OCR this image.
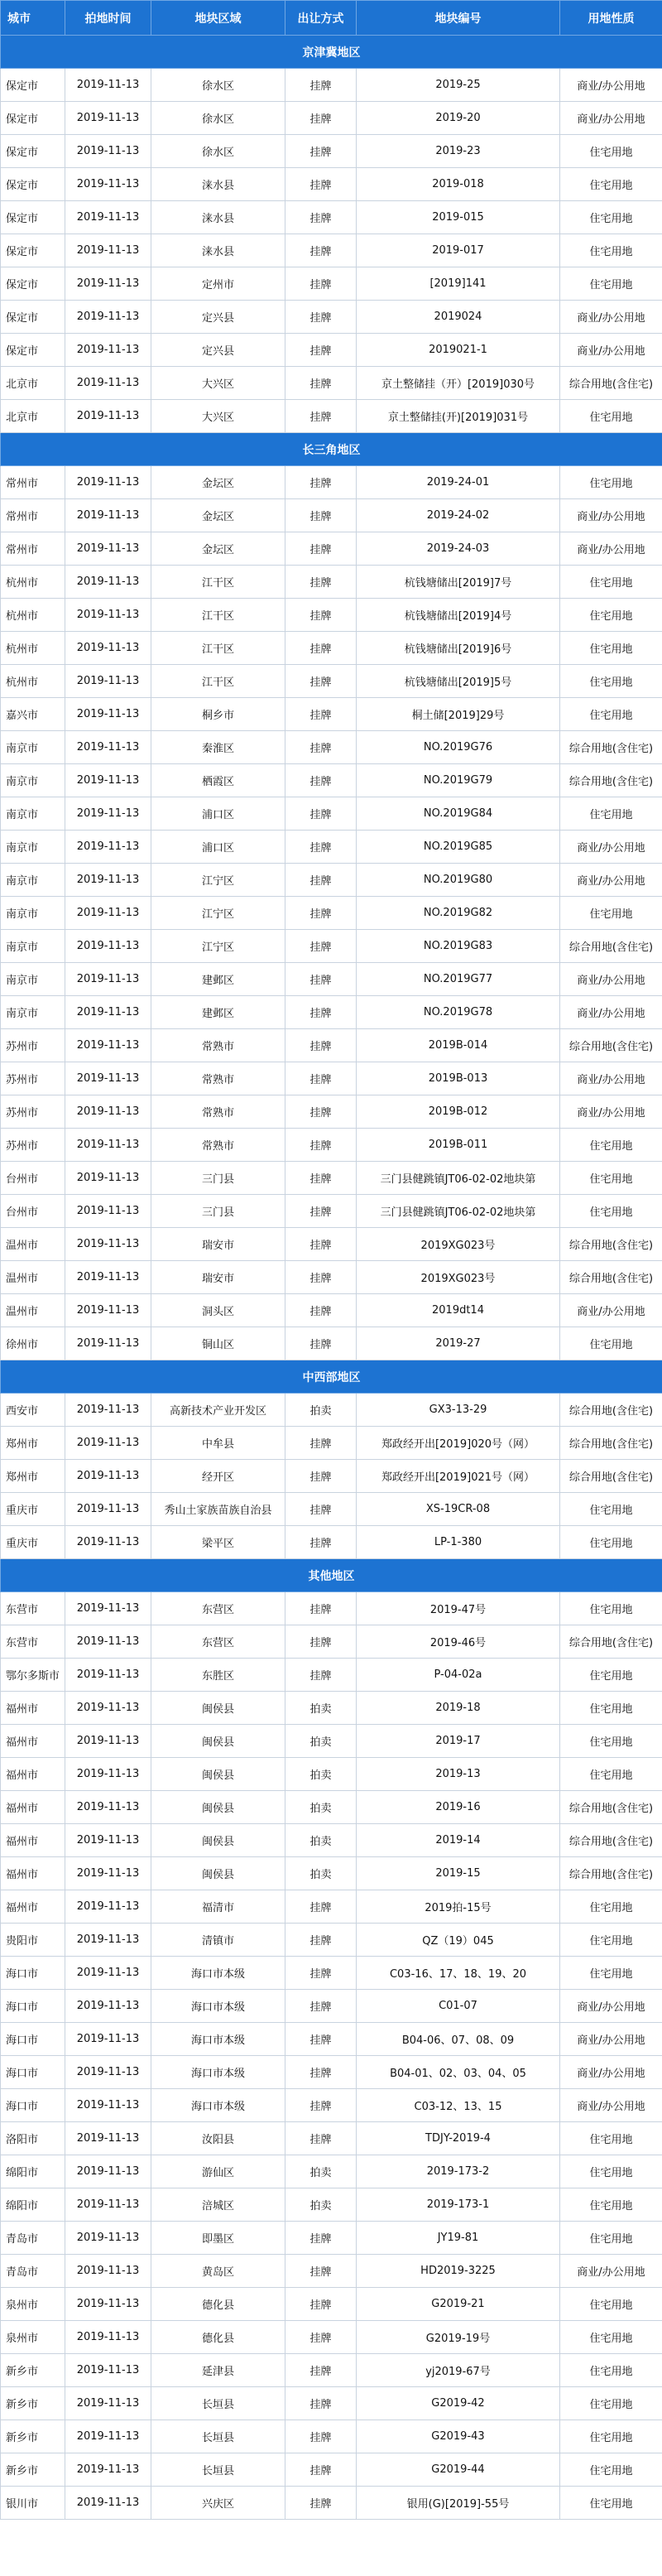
城市	拍地时间	地块区域	出让方式	地块编号	用地性质
京津冀地区					
保定市	2019-11-13	徐水区	挂牌	2019-25	商业/办公用地
保定市	2019-11-13	徐水区	挂牌	2019-20	商业/办公用地
保定市	2019-11-13	徐水区	挂牌	2019-23	住宅用地
保定市	2019-11-13	涞水县	挂牌	2019-018	住宅用地
保定市	2019-11-13	涞水县	挂牌	2019-015	住宅用地
保定市	2019-11-13	涞水县	挂牌	2019-017	住宅用地
保定市	2019-11-13	定州市	挂牌	[2019]141	住宅用地
保定市	2019-11-13	定兴县	挂牌	2019024	商业/办公用地
保定市	2019-11-13	定兴县	挂牌	2019021-1	商业/办公用地
北京市	2019-11-13	大兴区	挂牌	京土整储挂（开）[2019]030号	综合用地(含住宅)
北京市	2019-11-13	大兴区	挂牌	京土整储挂(开)[2019]031号	住宅用地
长三角地区					
常州市	2019-11-13	金坛区	挂牌	2019-24-01	住宅用地
常州市	2019-11-13	金坛区	挂牌	2019-24-02	商业/办公用地
常州市	2019-11-13	金坛区	挂牌	2019-24-03	商业/办公用地
杭州市	2019-11-13	江干区	挂牌	杭钱塘储出[2019]7号	住宅用地
杭州市	2019-11-13	江干区	挂牌	杭钱塘储出[2019]4号	住宅用地
杭州市	2019-11-13	江干区	挂牌	杭钱塘储出[2019]6号	住宅用地
杭州市	2019-11-13	江干区	挂牌	杭钱塘储出[2019]5号	住宅用地
嘉兴市	2019-11-13	桐乡市	挂牌	桐土储[2019]29号	住宅用地
南京市	2019-11-13	秦淮区	挂牌	NO.2019G76	综合用地(含住宅)
南京市	2019-11-13	栖霞区	挂牌	NO.2019G79	综合用地(含住宅)
南京市	2019-11-13	浦口区	挂牌	NO.2019G84	住宅用地
南京市	2019-11-13	浦口区	挂牌	NO.2019G85	商业/办公用地
南京市	2019-11-13	江宁区	挂牌	NO.2019G80	商业/办公用地
南京市	2019-11-13	江宁区	挂牌	NO.2019G82	住宅用地
南京市	2019-11-13	江宁区	挂牌	NO.2019G83	综合用地(含住宅)
南京市	2019-11-13	建邺区	挂牌	NO.2019G77	商业/办公用地
南京市	2019-11-13	建邺区	挂牌	NO.2019G78	商业/办公用地
苏州市	2019-11-13	常熟市	挂牌	2019B-014	综合用地(含住宅)
苏州市	2019-11-13	常熟市	挂牌	2019B-013	商业/办公用地
苏州市	2019-11-13	常熟市	挂牌	2019B-012	商业/办公用地
苏州市	2019-11-13	常熟市	挂牌	2019B-011	住宅用地
台州市	2019-11-13	三门县	挂牌	三门县健跳镇JT06-02-02地块第	住宅用地
台州市	2019-11-13	三门县	挂牌	三门县健跳镇JT06-02-02地块第	住宅用地
温州市	2019-11-13	瑞安市	挂牌	2019XG023号	综合用地(含住宅)
温州市	2019-11-13	瑞安市	挂牌	2019XG023号	综合用地(含住宅)
温州市	2019-11-13	洞头区	挂牌	2019dt14	商业/办公用地
徐州市	2019-11-13	铜山区	挂牌	2019-27	住宅用地
中西部地区					
西安市	2019-11-13	高新技术产业开发区	拍卖	GX3-13-29	综合用地(含住宅)
郑州市	2019-11-13	中牟县	挂牌	郑政经开出[2019]020号（网）	综合用地(含住宅)
郑州市	2019-11-13	经开区	挂牌	郑政经开出[2019]021号（网）	综合用地(含住宅)
重庆市	2019-11-13	秀山土家族苗族自治县	挂牌	XS-19CR-08	住宅用地
重庆市	2019-11-13	梁平区	挂牌	LP-1-380	住宅用地
其他地区					
东营市	2019-11-13	东营区	挂牌	2019-47号	住宅用地
东营市	2019-11-13	东营区	挂牌	2019-46号	综合用地(含住宅)
鄂尔多斯市	2019-11-13	东胜区	挂牌	P-04-02a	住宅用地
福州市	2019-11-13	闽侯县	拍卖	2019-18	住宅用地
福州市	2019-11-13	闽侯县	拍卖	2019-17	住宅用地
福州市	2019-11-13	闽侯县	拍卖	2019-13	住宅用地
福州市	2019-11-13	闽侯县	拍卖	2019-16	综合用地(含住宅)
福州市	2019-11-13	闽侯县	拍卖	2019-14	综合用地(含住宅)
福州市	2019-11-13	闽侯县	拍卖	2019-15	综合用地(含住宅)
福州市	2019-11-13	福清市	挂牌	2019拍-15号	住宅用地
贵阳市	2019-11-13	清镇市	挂牌	QZ（19）045	住宅用地
海口市	2019-11-13	海口市本级	挂牌	C03-16、17、18、19、20	住宅用地
海口市	2019-11-13	海口市本级	挂牌	C01-07	商业/办公用地
海口市	2019-11-13	海口市本级	挂牌	B04-06、07、08、09	商业/办公用地
海口市	2019-11-13	海口市本级	挂牌	B04-01、02、03、04、05	商业/办公用地
海口市	2019-11-13	海口市本级	挂牌	C03-12、13、15	商业/办公用地
洛阳市	2019-11-13	汝阳县	挂牌	TDJY-2019-4	住宅用地
绵阳市	2019-11-13	游仙区	拍卖	2019-173-2	住宅用地
绵阳市	2019-11-13	涪城区	拍卖	2019-173-1	住宅用地
青岛市	2019-11-13	即墨区	挂牌	JY19-81	住宅用地
青岛市	2019-11-13	黄岛区	挂牌	HD2019-3225	商业/办公用地
泉州市	2019-11-13	德化县	挂牌	G2019-21	住宅用地
泉州市	2019-11-13	德化县	挂牌	G2019-19号	住宅用地
新乡市	2019-11-13	延津县	挂牌	yj2019-67号	住宅用地
新乡市	2019-11-13	长垣县	挂牌	G2019-42	住宅用地
新乡市	2019-11-13	长垣县	挂牌	G2019-43	住宅用地
新乡市	2019-11-13	长垣县	挂牌	G2019-44	住宅用地
银川市	2019-11-13	兴庆区	挂牌	银用(G)[2019]-55号	住宅用地
